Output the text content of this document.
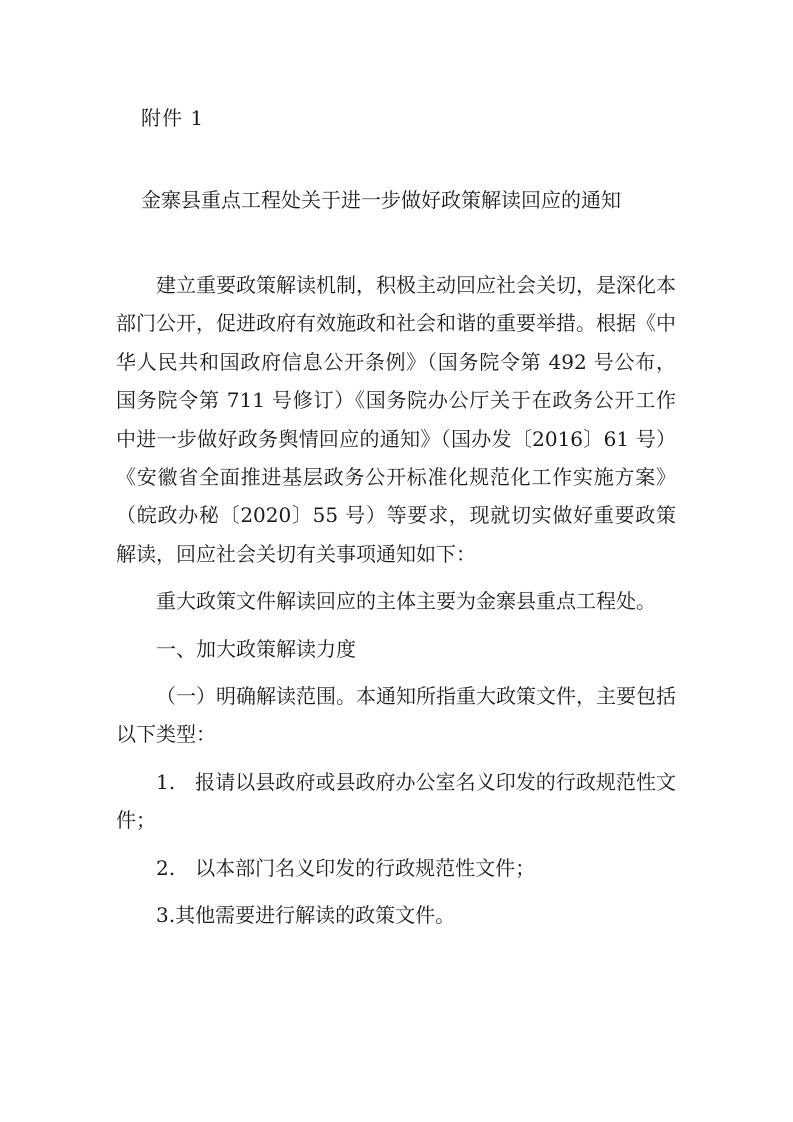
附件 1
金寨县重点工程处关于进一步做好政策解读回应的通知

建立重要政策解读机制，积极主动回应社会关切，是深化本部门公开，促进政府有效施政和社会和谐的重要举措。根据《中华人民共和国政府信息公开条例》（国务院令第 492 号公布，国务院令第 711 号修订）《国务院办公厅关于在政务公开工作中进一步做好政务舆情回应的通知》（国办发〔2016〕61 号）《安徽省全面推进基层政务公开标准化规范化工作实施方案》（皖政办秘〔2020〕55 号）等要求，现就切实做好重要政策解读，回应社会关切有关事项通知如下：

重大政策文件解读回应的主体主要为金寨县重点工程处。

一、加大政策解读力度

（一）明确解读范围。本通知所指重大政策文件，主要包括以下类型：

1.　报请以县政府或县政府办公室名义印发的行政规范性文件；

2.　以本部门名义印发的行政规范性文件；

3.其他需要进行解读的政策文件。
